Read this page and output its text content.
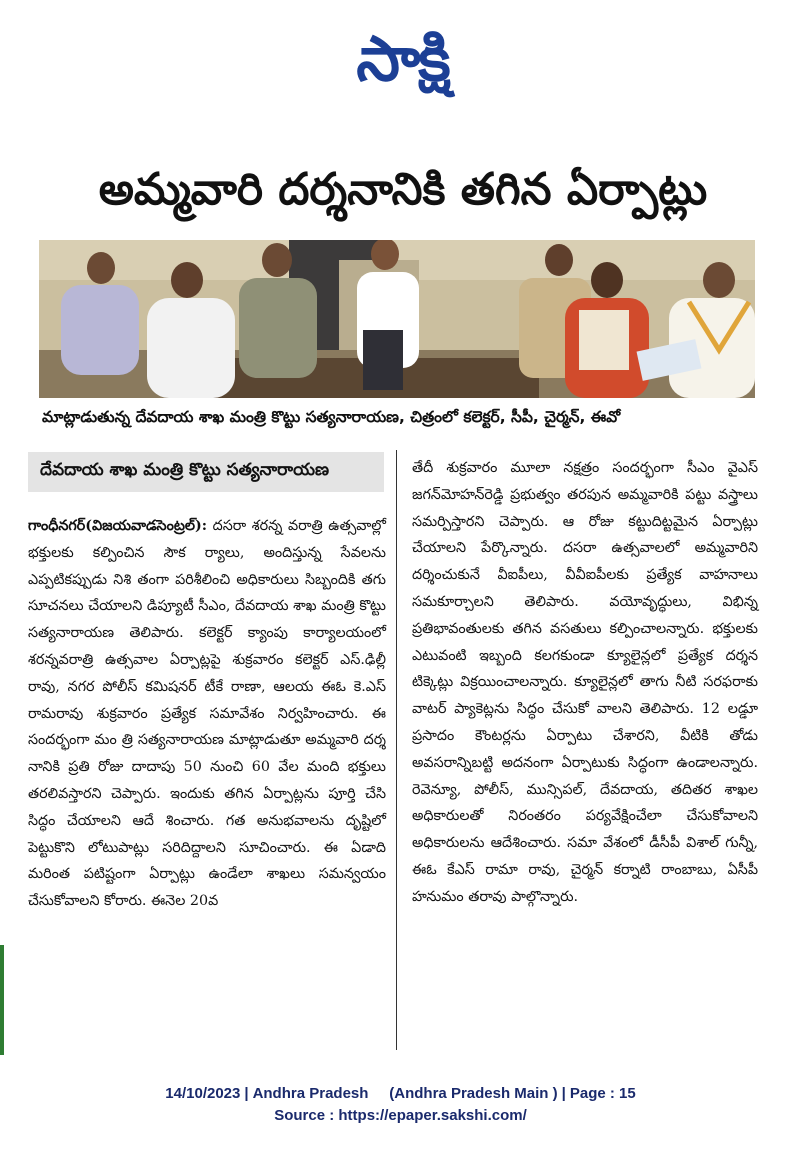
సాక్షి
అమ్మవారి దర్శనానికి తగిన ఏర్పాట్లు

మాట్లాడుతున్న దేవదాయ శాఖ మంత్రి కొట్టు సత్యనారాయణ, చిత్రంలో కలెక్టర్, సీపీ, చైర్మన్, ఈవో

దేవదాయ శాఖ మంత్రి కొట్టు సత్యనారాయణ

గాంధీనగర్(విజయవాడసెంట్రల్): దసరా శరన్న వరాత్రి ఉత్సవాల్లో భక్తులకు కల్పించిన సౌక ర్యాలు, అందిస్తున్న సేవలను ఎప్పటికప్పుడు నిశి తంగా పరిశీలించి అధికారులు సిబ్బందికి తగు సూచనలు చేయాలని డిప్యూటీ సీఎం, దేవదాయ శాఖ మంత్రి కొట్టు సత్యనారాయణ తెలిపారు. కలెక్టర్ క్యాంపు కార్యాలయంలో శరన్నవరాత్రి ఉత్సవాల ఏర్పాట్లపై శుక్రవారం కలెక్టర్ ఎస్.ఢిల్లీ రావు, నగర పోలీస్ కమిషనర్ టీకే రాణా, ఆలయ ఈఓ కె.ఎస్ రామరావు శుక్రవారం ప్రత్యేక సమావేశం నిర్వహించారు. ఈ సందర్భంగా మం త్రి సత్యనారాయణ మాట్లాడుతూ అమ్మవారి దర్శ నానికి ప్రతి రోజు దాదాపు 50 నుంచి 60 వేల మంది భక్తులు తరలివస్తారని చెప్పారు. ఇందుకు తగిన ఏర్పాట్లను పూర్తి చేసి సిద్ధం చేయాలని ఆదే శించారు. గత అనుభవాలను దృష్టిలో పెట్టుకొని లోటుపాట్లు సరిదిద్దాలని సూచించారు. ఈ ఏడాది మరింత పటిష్టంగా ఏర్పాట్లు ఉండేలా శాఖలు సమన్వయం చేసుకోవాలని కోరారు. ఈనెల 20వ

తేదీ శుక్రవారం మూలా నక్షత్రం సందర్భంగా సీఎం వైఎస్ జగన్‌మోహన్‌రెడ్డి ప్రభుత్వం తరపున అమ్మవారికి పట్టు వస్త్రాలు సమర్పిస్తారని చెప్పారు. ఆ రోజు కట్టుదిట్టమైన ఏర్పాట్లు చేయాలని పేర్కొన్నారు. దసరా ఉత్సవాలలో అమ్మవారిని దర్శించుకునే వీఐపీలు, వీవీఐపీలకు ప్రత్యేక వాహనాలు సమకూర్చాలని తెలిపారు. వయోవృద్ధులు, విభిన్న ప్రతిభావంతులకు తగిన వసతులు కల్పించాలన్నారు. భక్తులకు ఎటువంటి ఇబ్బంది కలగకుండా క్యూలైన్లలో ప్రత్యేక దర్శన టిక్కెట్లు విక్రయించాలన్నారు. క్యూలైన్లలో తాగు నీటి సరఫరాకు వాటర్ ప్యాకెట్లను సిద్ధం చేసుకో వాలని తెలిపారు. 12 లడ్డూ ప్రసాదం కౌంటర్లను ఏర్పాటు చేశారని, వీటికి తోడు అవసరాన్నిబట్టి అదనంగా ఏర్పాటుకు సిద్ధంగా ఉండాలన్నారు. రెవెన్యూ, పోలీస్, మున్సిపల్, దేవదాయ, తదితర శాఖల అధికారులతో నిరంతరం పర్యవేక్షించేలా చేసుకోవాలని అధికారులను ఆదేశించారు. సమా వేశంలో డీసీపీ విశాల్ గున్నీ, ఈఓ కేఎస్ రామా రావు, చైర్మన్ కర్నాటి రాంబాబు, ఏసీపీ హనుమం తరావు పాల్గొన్నారు.

14/10/2023 | Andhra Pradesh (Andhra Pradesh Main ) | Page : 15
Source : https://epaper.sakshi.com/
